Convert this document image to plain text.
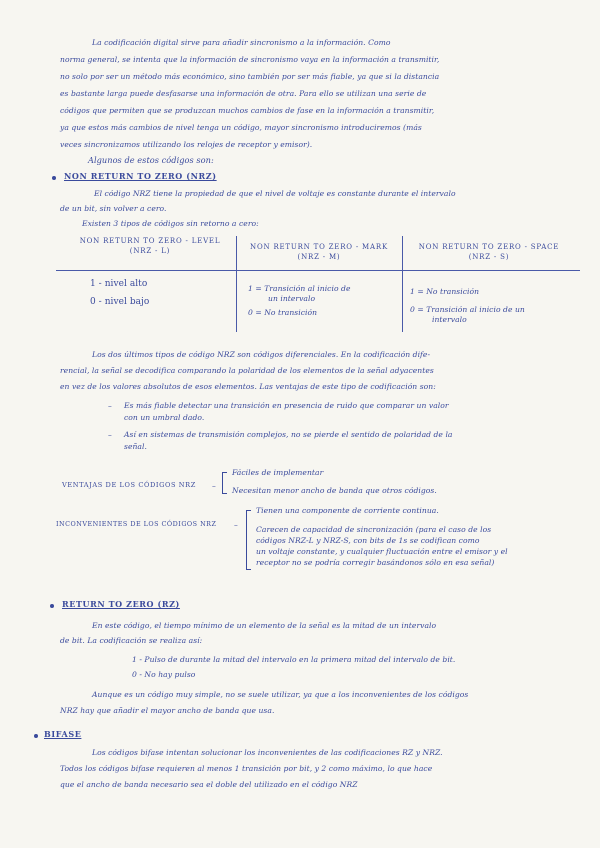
La codificación digital sirve para añadir sincronismo a la información. Como
norma general, se intenta que la información de sincronismo vaya en la información a transmitir,
no solo por ser un método más económico, sino también por ser más fiable, ya que si la distancia
es bastante larga puede desfasarse una información de otra. Para ello se utilizan una serie de
códigos que permiten que se produzcan muchos cambios de fase en la información a transmitir,
ya que estos más cambios de nivel tenga un código, mayor sincronismo introduciremos (más
veces sincronizamos utilizando los relojes de receptor y emisor).
Algunos de estos códigos son:
NON RETURN TO ZERO (NRZ)
El código NRZ tiene la propiedad de que el nivel de voltaje es constante durante el intervalo
de un bit, sin volver a cero.
Existen 3 tipos de códigos sin retorno a cero:
NON RETURN TO ZERO - LEVEL
(NRZ - L)	NON RETURN TO ZERO - MARK
(NRZ - M)
NON RETURN TO ZERO - SPACE
(NRZ - S)
1 - nivel alto
0 - nivel bajo
1 = Transición al inicio de
un intervalo
0 = No transición
1 = No transición
0 = Transición al inicio de un
intervalo
Los dos últimos tipos de código NRZ son códigos diferenciales. En la codificación dife-
rencial, la señal se decodifica comparando la polaridad de los elementos de la señal adyacentes
en vez de los valores absolutos de esos elementos. Las ventajas de este tipo de codificación son:
– Es más fiable detectar una transición en presencia de ruido que comparar un valor
con un umbral dado.
– Así en sistemas de transmisión complejos, no se pierde el sentido de polaridad de la
señal.
VENTAJAS DE LOS CÓDIGOS NRZ –
Fáciles de implementar
Necesitan menor ancho de banda que otros códigos.
INCONVENIENTES DE LOS CÓDIGOS NRZ –
Tienen una componente de corriente continua.
Carecen de capacidad de sincronización (para el caso de los
códigos NRZ-L y NRZ-S, con bits de 1s se codifican como
un voltaje constante, y cualquier fluctuación entre el emisor y el
receptor no se podría corregir basándonos sólo en esa señal)
RETURN TO ZERO (RZ)
En este código, el tiempo mínimo de un elemento de la señal es la mitad de un intervalo
de bit. La codificación se realiza así:
1 - Pulso de durante la mitad del intervalo en la primera mitad del intervalo de bit.
0 - No hay pulso
Aunque es un código muy simple, no se suele utilizar, ya que a los inconvenientes de los códigos
NRZ hay que añadir el mayor ancho de banda que usa.
BIFASE
Los códigos bifase intentan solucionar los inconvenientes de las codificaciones RZ y NRZ.
Todos los códigos bifase requieren al menos 1 transición por bit, y 2 como máximo, lo que hace
que el ancho de banda necesario sea el doble del utilizado en el código NRZ
